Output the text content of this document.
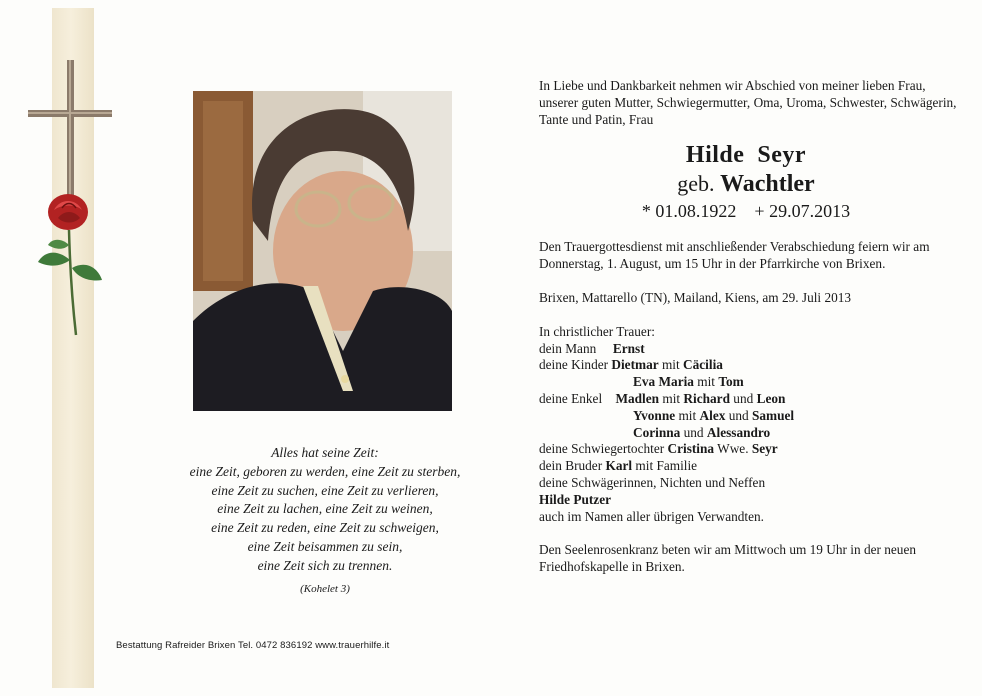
Alles hat seine Zeit:
eine Zeit, geboren zu werden, eine Zeit zu sterben,
eine Zeit zu suchen, eine Zeit zu verlieren,
eine Zeit zu lachen, eine Zeit zu weinen,
eine Zeit zu reden, eine Zeit zu schweigen,
eine Zeit beisammen zu sein,
eine Zeit sich zu trennen.
(Kohelet 3)
Bestattung Rafreider Brixen Tel. 0472 836192 www.trauerhilfe.it

In Liebe und Dankbarkeit nehmen wir Abschied von meiner lieben Frau, unserer guten Mutter, Schwiegermutter, Oma, Uroma, Schwester, Schwägerin, Tante und Patin, Frau

Hilde Seyr
geb. Wachtler
* 01.08.1922 + 29.07.2013

Den Trauergottesdienst mit anschließender Verabschiedung feiern wir am Donnerstag, 1. August, um 15 Uhr in der Pfarrkirche von Brixen.

Brixen, Mattarello (TN), Mailand, Kiens, am 29. Juli 2013

In christlicher Trauer:
dein Mann Ernst
deine Kinder Dietmar mit Cäcilia
Eva Maria mit Tom
deine Enkel Madlen mit Richard und Leon
Yvonne mit Alex und Samuel
Corinna und Alessandro
deine Schwiegertochter Cristina Wwe. Seyr
dein Bruder Karl mit Familie
deine Schwägerinnen, Nichten und Neffen
Hilde Putzer
auch im Namen aller übrigen Verwandten.

Den Seelenrosenkranz beten wir am Mittwoch um 19 Uhr in der neuen Friedhofskapelle in Brixen.
